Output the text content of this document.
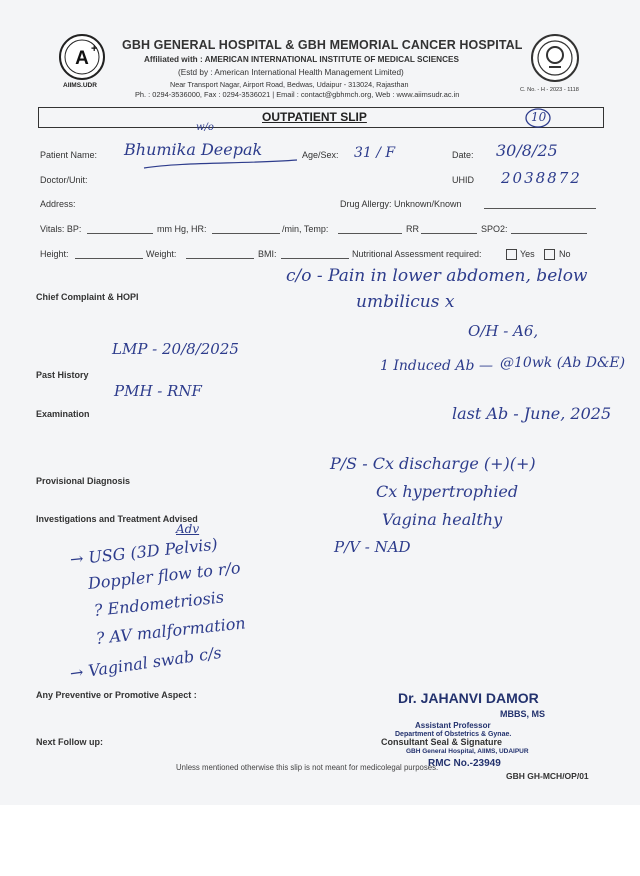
A +
AIIMS.UDR
GBH GENERAL HOSPITAL & GBH MEMORIAL CANCER HOSPITAL
Affiliated with : AMERICAN INTERNATIONAL INSTITUTE OF MEDICAL SCIENCES
(Estd by : American International Health Management Limited)
Near Transport Nagar, Airport Road, Bedwas, Udaipur - 313024, Rajasthan
Ph. : 0294-3536000, Fax : 0294-3536021 | Email : contact@gbhmch.org, Web : www.aiimsudr.ac.in	C. No. - H - 2023 - 1118
OUTPATIENT SLIP	10
Patient Name:
w/o
Bhumika Deepak	Age/Sex: 31 / F	Date: 30/8/25
Doctor/Unit:	UHID 2038872
Address:	Drug Allergy: Unknown/Known
Vitals: BP:	mm Hg, HR:	/min, Temp:	RR	SPO2:
Height:	Weight:	BMI:	Nutritional Assessment required:	Yes	No
Chief Complaint & HOPI
c/o - Pain in lower abdomen, below
umbilicus x
O/H - A6,
1 Induced Ab — @10wk (Ab D&E)
last Ab - June, 2025
LMP - 20/8/2025
Past History
PMH - RNF
Examination
P/S - Cx discharge (+)(+)
Cx hypertrophied
Vagina healthy
P/V - NAD
Provisional Diagnosis
Investigations and Treatment Advised
Adv
→ USG (3D Pelvis)
Doppler flow to r/o
? Endometriosis
? AV malformation
→ Vaginal swab c/s
Any Preventive or Promotive Aspect :
Next Follow up:
Dr. JAHANVI DAMOR
MBBS, MS
Assistant Professor
Consultant Seal & Signature
Department of Obstetrics & Gynae.
GBH General Hospital, AIIMS, UDAIPUR
RMC No.-23949
Unless mentioned otherwise this slip is not meant for medicolegal purposes.
GBH GH-MCH/OP/01
